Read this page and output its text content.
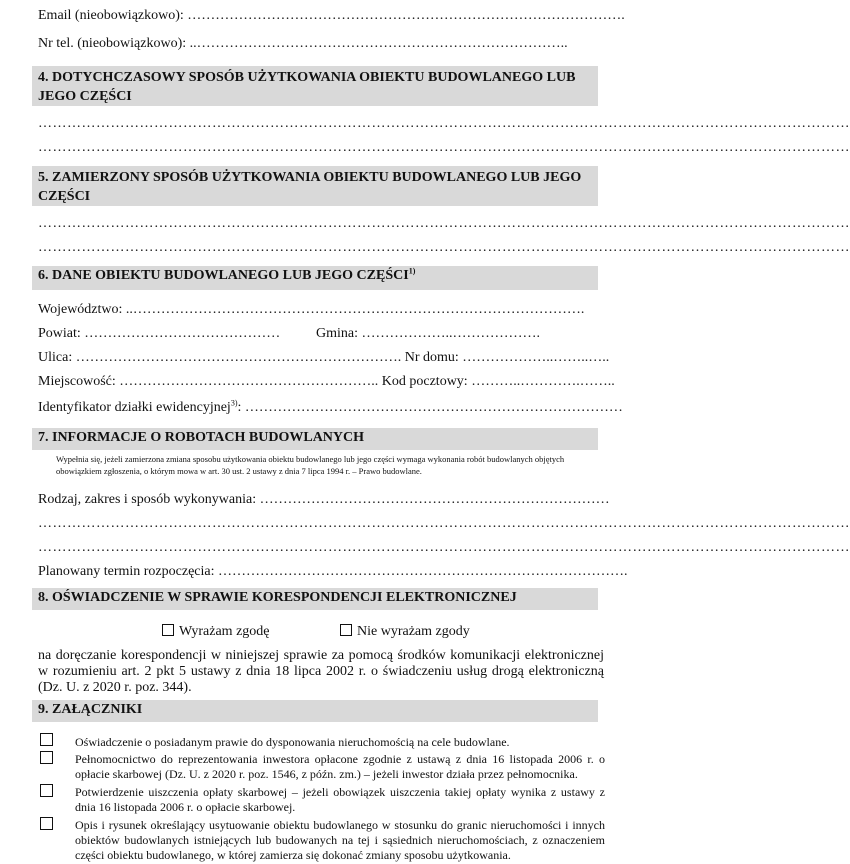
Email (nieobowiązkowo): ………………………………………………………………………………….
Nr tel. (nieobowiązkowo): ..……………………………………………………………………..
4. DOTYCHCZASOWY SPOSÓB UŻYTKOWANIA OBIEKTU BUDOWLANEGO LUB JEGO CZĘŚCI
……………………………………………………………………………………………………………………………………………………
……………………………………………………………………………………………………………………………………………………
5. ZAMIERZONY SPOSÓB UŻYTKOWANIA OBIEKTU BUDOWLANEGO LUB JEGO CZĘŚCI
……………………………………………………………………………………………………………………………………………………
……………………………………………………………………………………………………………………………………………………
6. DANE OBIEKTU BUDOWLANEGO LUB JEGO CZĘŚCI$^{1)}$
Województwo: ..…………………………………………………………………………………….
Powiat: ……………………………………	Gmina: ………………..……………….
Ulica: ……………………………………………………………. Nr domu: ………………..……..…..
Miejscowość: ……………………………………………….. Kod pocztowy: ………..………….……..
Identyfikator działki ewidencyjnej$^{3)}$: ………………………………………………………………………
7. INFORMACJE O ROBOTACH BUDOWLANYCH
Wypełnia się, jeżeli zamierzona zmiana sposobu użytkowania obiektu budowlanego lub jego części wymaga wykonania robót budowlanych objętych obowiązkiem zgłoszenia, o którym mowa w art. 30 ust. 2 ustawy z dnia 7 lipca 1994 r. – Prawo budowlane.
Rodzaj, zakres i sposób wykonywania: …………………………………………………………………
……………………………………………………………………………………………………………………………………………………
……………………………………………………………………………………………………………………………………………………
Planowany termin rozpoczęcia: …………………………………………………………………………….
8. OŚWIADCZENIE W SPRAWIE KORESPONDENCJI ELEKTRONICZNEJ
Wyrażam zgodę	Nie wyrażam zgody
na doręczanie korespondencji w niniejszej sprawie za pomocą środków komunikacji elektronicznej w rozumieniu art. 2 pkt 5 ustawy z dnia 18 lipca 2002 r. o świadczeniu usług drogą elektroniczną (Dz. U. z 2020 r. poz. 344).
9. ZAŁĄCZNIKI
Oświadczenie o posiadanym prawie do dysponowania nieruchomością na cele budowlane.
Pełnomocnictwo do reprezentowania inwestora opłacone zgodnie z ustawą z dnia 16 listopada 2006 r. o opłacie skarbowej (Dz. U. z 2020 r. poz. 1546, z późn. zm.) – jeżeli inwestor działa przez pełnomocnika.
Potwierdzenie uiszczenia opłaty skarbowej – jeżeli obowiązek uiszczenia takiej opłaty wynika z ustawy z dnia 16 listopada 2006 r. o opłacie skarbowej.
Opis i rysunek określający usytuowanie obiektu budowlanego w stosunku do granic nieruchomości i innych obiektów budowlanych istniejących lub budowanych na tej i sąsiednich nieruchomościach, z oznaczeniem części obiektu budowlanego, w której zamierza się dokonać zmiany sposobu użytkowania.
